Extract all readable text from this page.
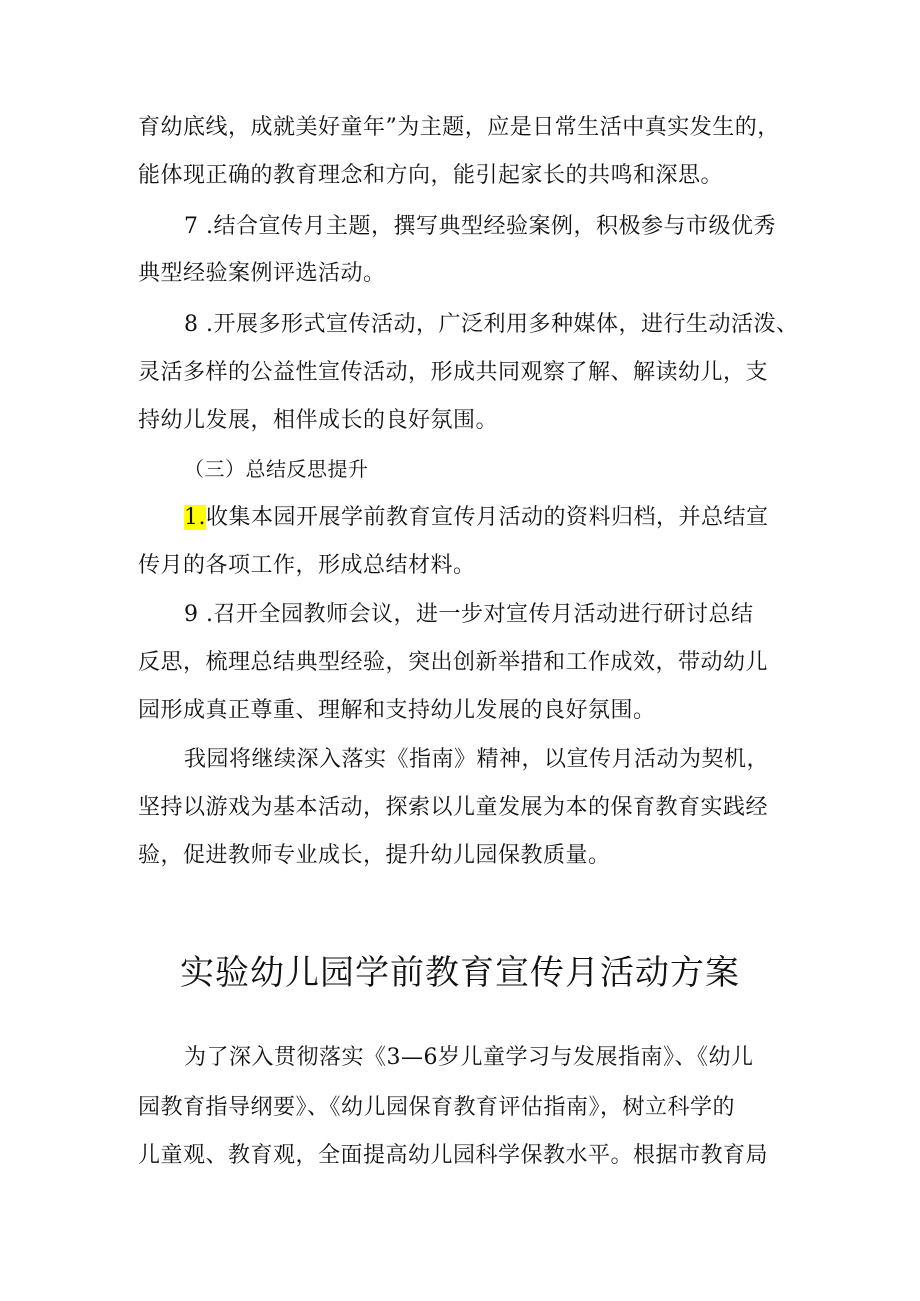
育幼底线，成就美好童年”为主题，应是日常生活中真实发生的，
能体现正确的教育理念和方向，能引起家长的共鸣和深思。
7 .结合宣传月主题，撰写典型经验案例，积极参与市级优秀
典型经验案例评选活动。
8 .开展多形式宣传活动，广泛利用多种媒体，进行生动活泼、
灵活多样的公益性宣传活动，形成共同观察了解、解读幼儿，支
持幼儿发展，相伴成长的良好氛围。
（三）总结反思提升
1.收集本园开展学前教育宣传月活动的资料归档，并总结宣
传月的各项工作，形成总结材料。
9 .召开全园教师会议，进一步对宣传月活动进行研讨总结
反思，梳理总结典型经验，突出创新举措和工作成效，带动幼儿
园形成真正尊重、理解和支持幼儿发展的良好氛围。
我园将继续深入落实《指南》精神，以宣传月活动为契机，
坚持以游戏为基本活动，探索以儿童发展为本的保育教育实践经
验，促进教师专业成长，提升幼儿园保教质量。
实验幼儿园学前教育宣传月活动方案
为了深入贯彻落实《3—6岁儿童学习与发展指南》、《幼儿
园教育指导纲要》、《幼儿园保育教育评估指南》，树立科学的
儿童观、教育观，全面提高幼儿园科学保教水平。根据市教育局
